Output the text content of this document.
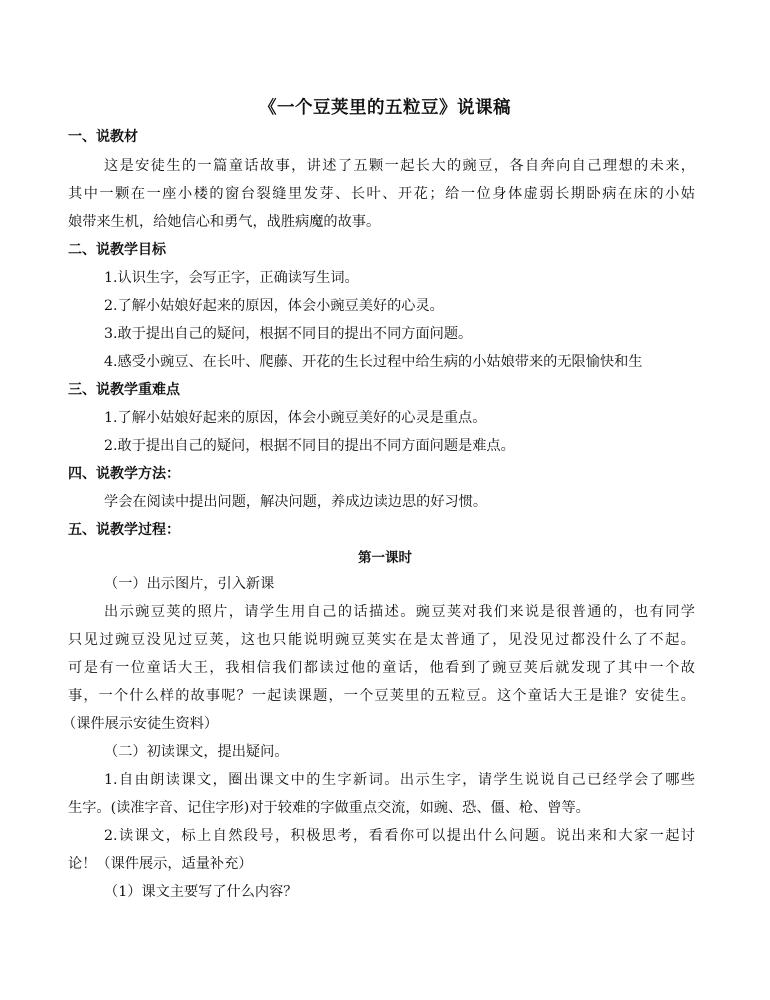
《一个豆荚里的五粒豆》说课稿
一、说教材
这是安徒生的一篇童话故事，讲述了五颗一起长大的豌豆，各自奔向自己理想的未来，
其中一颗在一座小楼的窗台裂缝里发芽、长叶、开花；给一位身体虚弱长期卧病在床的小姑
娘带来生机，给她信心和勇气，战胜病魔的故事。
二、说教学目标
1.认识生字，会写正字，正确读写生词。
2.了解小姑娘好起来的原因，体会小豌豆美好的心灵。
3.敢于提出自己的疑问，根据不同目的提出不同方面问题。
4.感受小豌豆、在长叶、爬藤、开花的生长过程中给生病的小姑娘带来的无限愉快和生
三、说教学重难点
1.了解小姑娘好起来的原因，体会小豌豆美好的心灵是重点。
2.敢于提出自己的疑问，根据不同目的提出不同方面问题是难点。
四、说教学方法：
学会在阅读中提出问题，解决问题，养成边读边思的好习惯。
五、说教学过程：
第一课时
（一）出示图片，引入新课
出示豌豆荚的照片，请学生用自己的话描述。豌豆荚对我们来说是很普通的，也有同学
只见过豌豆没见过豆荚，这也只能说明豌豆荚实在是太普通了，见没见过都没什么了不起。
可是有一位童话大王，我相信我们都读过他的童话，他看到了豌豆荚后就发现了其中一个故
事，一个什么样的故事呢？一起读课题，一个豆荚里的五粒豆。这个童话大王是谁？安徒生。
（课件展示安徒生资料）
（二）初读课文，提出疑问。
1.自由朗读课文，圈出课文中的生字新词。出示生字，请学生说说自己已经学会了哪些
生字。(读准字音、记住字形)对于较难的字做重点交流，如豌、恐、僵、枪、曾等。
2.读课文，标上自然段号，积极思考，看看你可以提出什么问题。说出来和大家一起讨
论！（课件展示，适量补充）
（1）课文主要写了什么内容？
